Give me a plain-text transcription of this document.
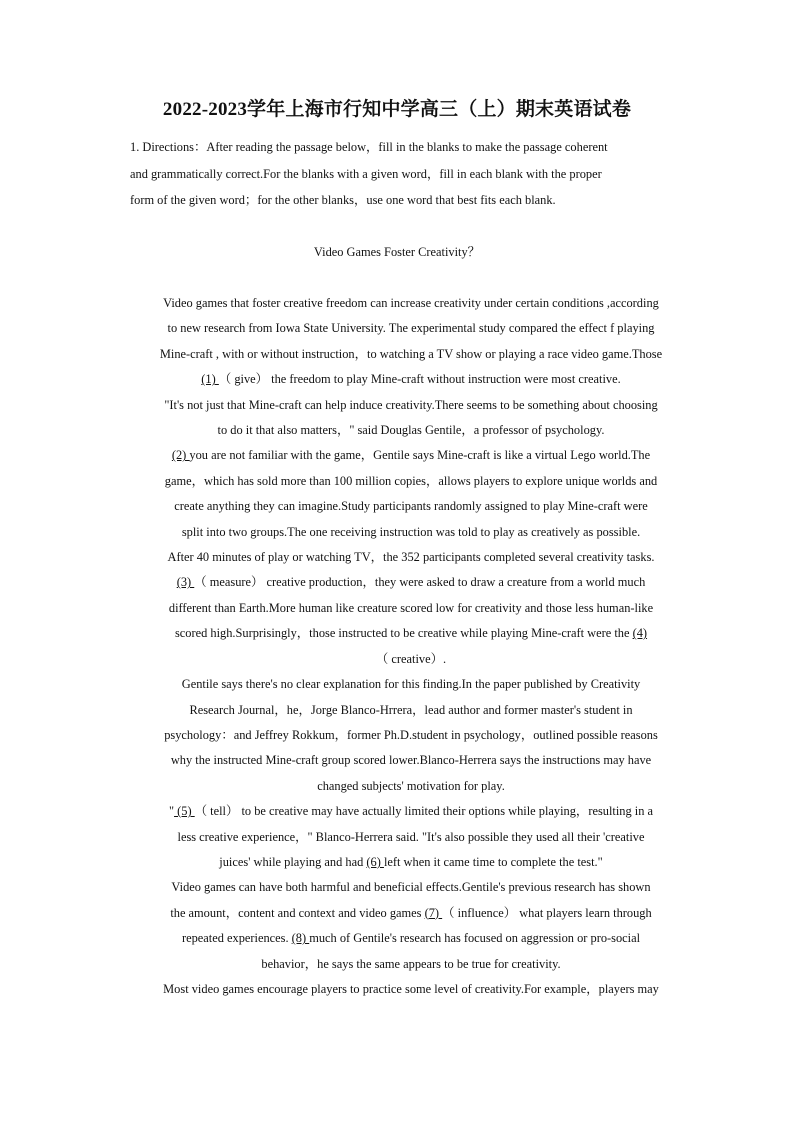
2022-2023学年上海市行知中学高三（上）期末英语试卷
1. Directions：After reading the passage below，fill in the blanks to make the passage coherent
and grammatically correct.For the blanks with a given word，fill in each blank with the proper
form of the given word；for the other blanks，use one word that best fits each blank.
Video Games Foster Creativity？
Video games that foster creative freedom can increase creativity under certain conditions ,according
to new research from Iowa State University. The experimental study compared the effect f playing
Mine-craft , with or without instruction，to watching a TV show or playing a race video game.Those
(1) （ give） the freedom to play Mine-craft without instruction were most creative.
"It's not just that Mine-craft can help induce creativity.There seems to be something about choosing
to do it that also matters，" said Douglas Gentile，a professor of psychology.
(2) you are not familiar with the game，Gentile says Mine-craft is like a virtual Lego world.The
game，which has sold more than 100 million copies，allows players to explore unique worlds and
create anything they can imagine.Study participants randomly assigned to play Mine-craft were
split into two groups.The one receiving instruction was told to play as creatively as possible.
After 40 minutes of play or watching TV，the 352 participants completed several creativity tasks.
(3) （ measure） creative production，they were asked to draw a creature from a world much
different than Earth.More human like creature scored low for creativity and those less human-like
scored high.Surprisingly，those instructed to be creative while playing Mine-craft were the (4)
（ creative）.
Gentile says there's no clear explanation for this finding.In the paper published by Creativity
Research Journal，he，Jorge Blanco-Hrrera，lead author and former master's student in
psychology：and Jeffrey Rokkum，former Ph.D.student in psychology，outlined possible reasons
why the instructed Mine-craft group scored lower.Blanco-Herrera says the instructions may have
changed subjects' motivation for play.
" (5) （ tell） to be creative may have actually limited their options while playing，resulting in a
less creative experience，" Blanco-Herrera said. "It's also possible they used all their 'creative
juices' while playing and had (6) left when it came time to complete the test."
Video games can have both harmful and beneficial effects.Gentile's previous research has shown
the amount，content and context and video games (7) （ influence） what players learn through
repeated experiences. (8) much of Gentile's research has focused on aggression or pro-social
behavior，he says the same appears to be true for creativity.
Most video games encourage players to practice some level of creativity.For example，players may
